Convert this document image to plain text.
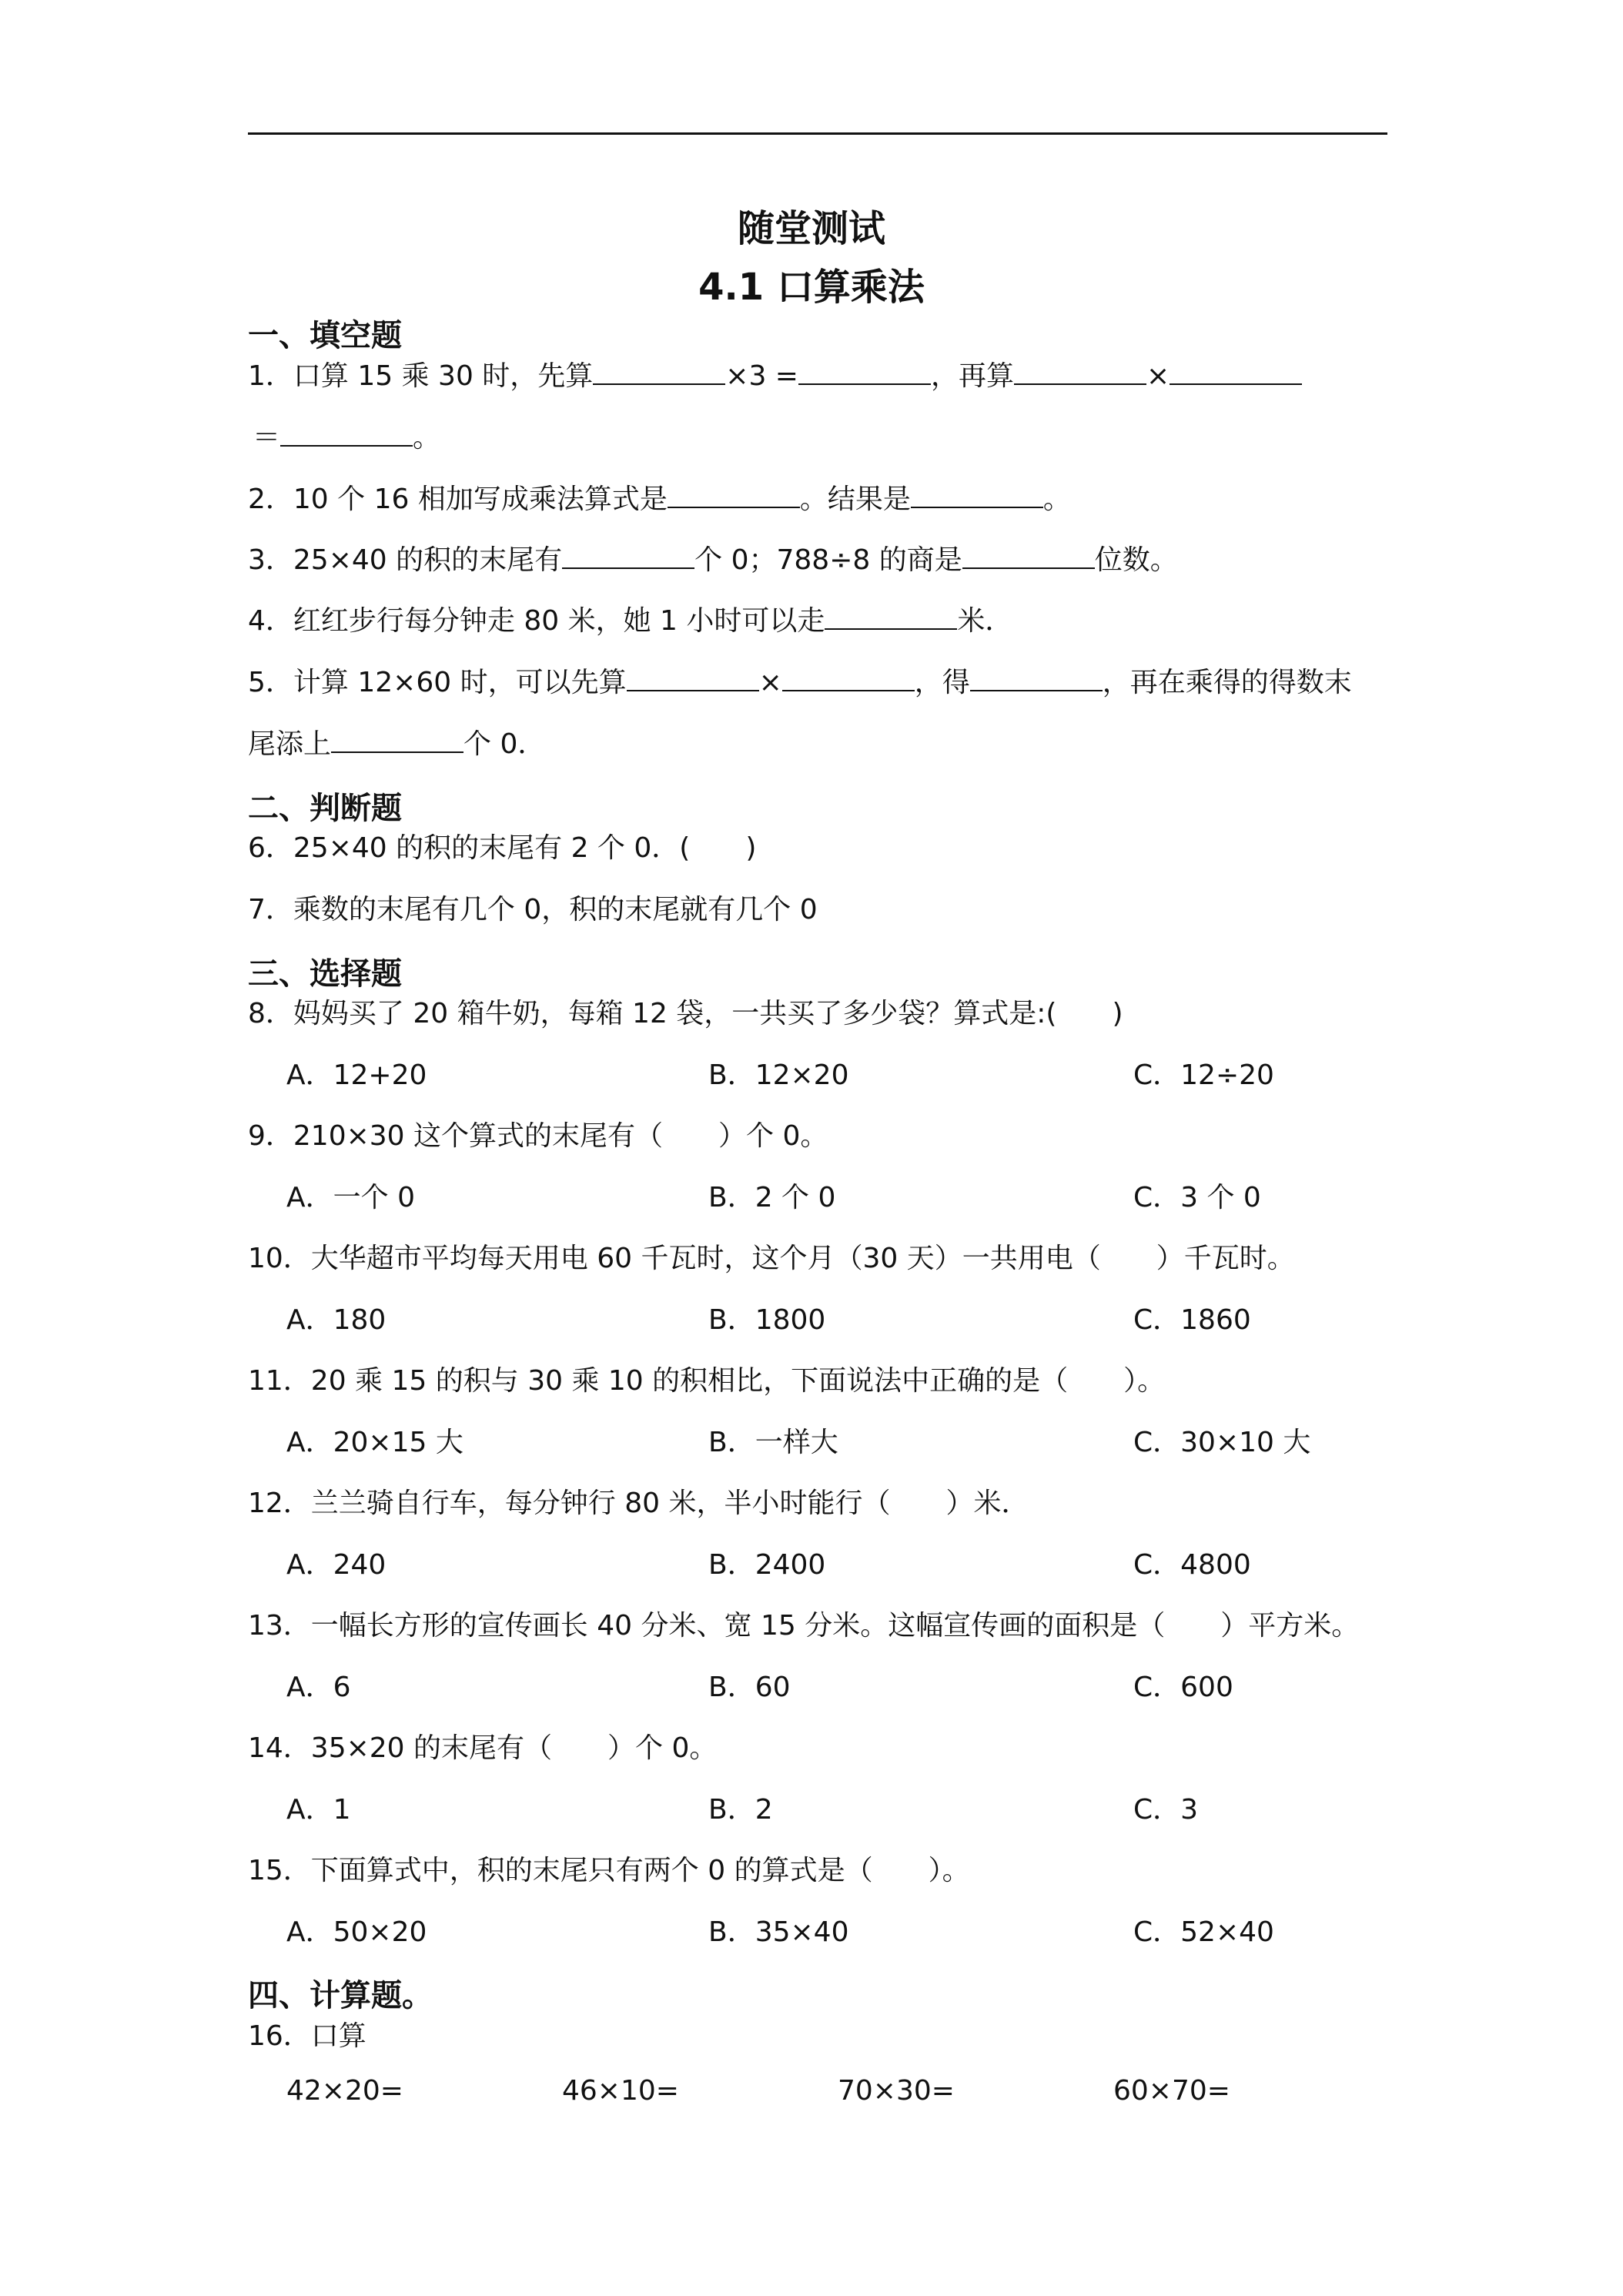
随堂测试
4.1 口算乘法
一、填空题
1．口算 15 乘 30 时，先算	×3 =	，再算	×
＝	。
2．10 个 16 相加写成乘法算式是	。结果是	。
3．25×40 的积的末尾有	个 0；788÷8 的商是	位数。
4．红红步行每分钟走 80 米，她 1 小时可以走	米．
5．计算 12×60 时，可以先算	×	，得	，再在乘得的得数末
尾添上	个 0．
二、判断题
6．25×40 的积的末尾有 2 个 0．(　　)
7．乘数的末尾有几个 0，积的末尾就有几个 0
三、选择题
8．妈妈买了 20 箱牛奶，每箱 12 袋，一共买了多少袋？算式是:(　　)
A．12+20	B．12×20	C．12÷20
9．210×30 这个算式的末尾有（　　）个 0。
A．一个 0	B．2 个 0	C．3 个 0
10．大华超市平均每天用电 60 千瓦时，这个月（30 天）一共用电（　　）千瓦时。
A．180	B．1800	C．1860
11．20 乘 15 的积与 30 乘 10 的积相比，下面说法中正确的是（　　）。
A．20×15 大	B．一样大	C．30×10 大
12．兰兰骑自行车，每分钟行 80 米，半小时能行（　　）米．
A．240	B．2400	C．4800
13．一幅长方形的宣传画长 40 分米、宽 15 分米。这幅宣传画的面积是（　　）平方米。
A．6	B．60	C．600
14．35×20 的末尾有（　　）个 0。
A．1	B．2	C．3
15．下面算式中，积的末尾只有两个 0 的算式是（　　）。
A．50×20	B．35×40	C．52×40
四、计算题。
16．口算
42×20=	46×10=	70×30=	60×70=
